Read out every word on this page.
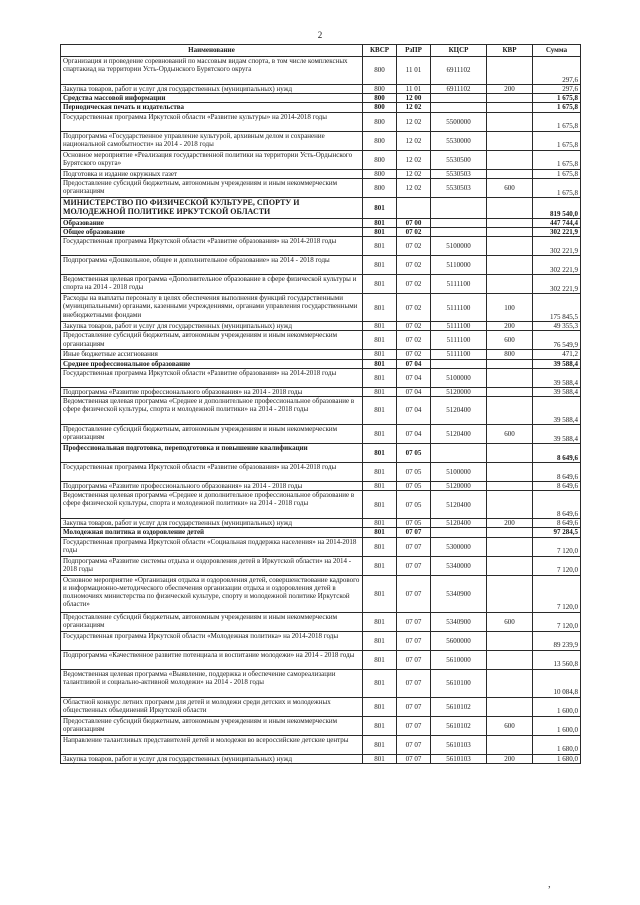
2
Наименование	КВСР	РзПР	КЦСР	КВР	Сумма
Организация и проведение соревнований по массовым видам спорта, в том числе комплексных спартакиад на территории Усть-Ордынского Бурятского округа	800	11 01	6911102		297,6
Закупка товаров, работ и услуг для государственных (муниципальных) нужд	800	11 01	6911102	200	297,6
Средства массовой информации	800	12 00			1 675,8
Периодическая печать и издательства	800	12 02			1 675,8
Государственная программа Иркутской области «Развитие культуры» на 2014-2018 годы	800	12 02	5500000		1 675,8
Подпрограмма «Государственное управление культурой, архивным делом и сохранение национальной самобытности» на 2014 - 2018 годы	800	12 02	5530000		1 675,8
Основное мероприятие «Реализация государственной политики на территории Усть-Ордынского Бурятского округа»	800	12 02	5530500		1 675,8
Подготовка и издание окружных газет	800	12 02	5530503		1 675,8
Предоставление субсидий бюджетным, автономным учреждениям и иным некоммерческим организациям	800	12 02	5530503	600	1 675,8
МИНИСТЕРСТВО ПО ФИЗИЧЕСКОЙ КУЛЬТУРЕ, СПОРТУ И МОЛОДЕЖНОЙ ПОЛИТИКЕ ИРКУТСКОЙ ОБЛАСТИ	801				819 540,0
Образование	801	07 00			447 744,4
Общее образование	801	07 02			302 221,9
Государственная программа Иркутской области «Развитие образования» на 2014-2018 годы	801	07 02	5100000		302 221,9
Подпрограмма «Дошкольное, общее и дополнительное образование» на 2014 - 2018 годы	801	07 02	5110000		302 221,9
Ведомственная целевая программа «Дополнительное образование в сфере физической культуры и спорта на 2014 - 2018 годы	801	07 02	5111100		302 221,9
Расходы на выплаты персоналу в целях обеспечения выполнения функций государственными (муниципальными) органами, казенными учреждениями, органами управления государственными внебюджетными фондами	801	07 02	5111100	100	175 845,5
Закупка товаров, работ и услуг для государственных (муниципальных) нужд	801	07 02	5111100	200	49 355,3
Предоставление субсидий бюджетным, автономным учреждениям и иным некоммерческим организациям	801	07 02	5111100	600	76 549,9
Иные бюджетные ассигнования	801	07 02	5111100	800	471,2
Среднее профессиональное образование	801	07 04			39 588,4
Государственная программа Иркутской области «Развитие образования» на 2014-2018 годы	801	07 04	5100000		39 588,4
Подпрограмма «Развитие профессионального образования» на 2014 - 2018 годы	801	07 04	5120000		39 588,4
Ведомственная целевая программа «Среднее и дополнительное профессиональное образование в сфере физической культуры, спорта и молодежной политики» на 2014 - 2018 годы	801	07 04	5120400		39 588,4
Предоставление субсидий бюджетным, автономным учреждениям и иным некоммерческим организациям	801	07 04	5120400	600	39 588,4
Профессиональная подготовка, переподготовка и повышение квалификации	801	07 05			8 649,6
Государственная программа Иркутской области «Развитие образования» на 2014-2018 годы	801	07 05	5100000		8 649,6
Подпрограмма «Развитие профессионального образования» на 2014 - 2018 годы	801	07 05	5120000		8 649,6
Ведомственная целевая программа «Среднее и дополнительное профессиональное образование в сфере физической культуры, спорта и молодежной политики» на 2014 - 2018 годы	801	07 05	5120400		8 649,6
Закупка товаров, работ и услуг для государственных (муниципальных) нужд	801	07 05	5120400	200	8 649,6
Молодежная политика и оздоровление детей	801	07 07			97 284,5
Государственная программа Иркутской области «Социальная поддержка населения» на 2014-2018 годы	801	07 07	5300000		7 120,0
Подпрограмма «Развитие системы отдыха и оздоровления детей в Иркутской области» на 2014 - 2018 годы	801	07 07	5340000		7 120,0
Основное мероприятие «Организация отдыха и оздоровления детей, совершенствование кадрового и информационно-методического обеспечения организации отдыха и оздоровления детей в полномочиях министерства по физической культуре, спорту и молодежной политике Иркутской области»	801	07 07	5340900		7 120,0
Предоставление субсидий бюджетным, автономным учреждениям и иным некоммерческим организациям	801	07 07	5340900	600	7 120,0
Государственная программа Иркутской области «Молодежная политика» на 2014-2018 годы	801	07 07	5600000		89 239,9
Подпрограмма «Качественное развитие потенциала и воспитание молодежи» на 2014 - 2018 годы	801	07 07	5610000		13 560,8
Ведомственная целевая программа «Выявление, поддержка и обеспечение самореализации талантливой и социально-активной молодежи» на 2014 - 2018 годы	801	07 07	5610100		10 084,8
Областной конкурс летних программ для детей и молодежи среди детских и молодежных общественных объединений Иркутской области	801	07 07	5610102		1 600,0
Предоставление субсидий бюджетным, автономным учреждениям и иным некоммерческим организациям	801	07 07	5610102	600	1 600,0
Направление талантливых представителей детей и молодежи во всероссийские детские центры	801	07 07	5610103		1 680,0
Закупка товаров, работ и услуг для государственных (муниципальных) нужд	801	07 07	5610103	200	1 680,0
,
